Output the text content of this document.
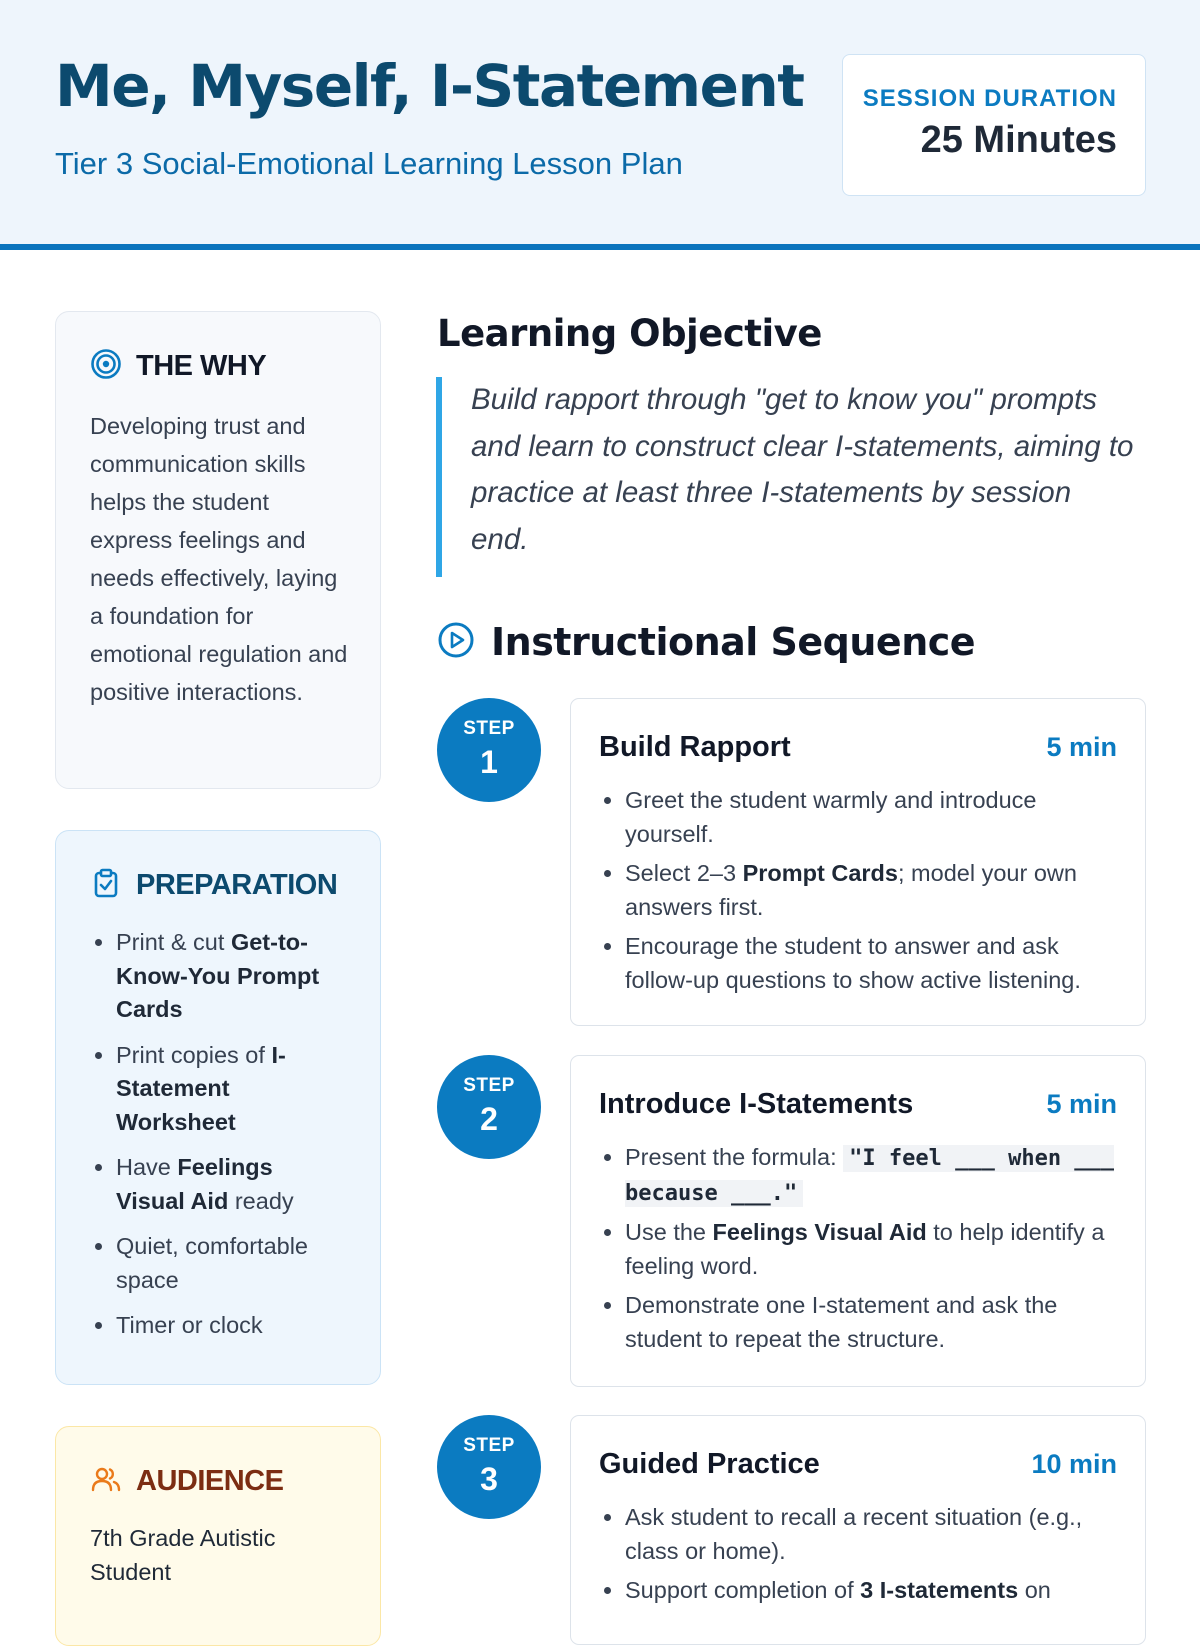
Me, Myself, I-Statement
Tier 3 Social-Emotional Learning Lesson Plan
SESSION DURATION
25 Minutes
THE WHY
Developing trust and communication skills helps the student express feelings and needs effectively, laying a foundation for emotional regulation and positive interactions.
PREPARATION
• Print & cut Get-to-Know-You Prompt Cards
• Print copies of I-Statement Worksheet
• Have Feelings Visual Aid ready
• Quiet, comfortable space
• Timer or clock
AUDIENCE
7th Grade Autistic Student
Learning Objective
Build rapport through "get to know you" prompts and learn to construct clear I-statements, aiming to practice at least three I-statements by session end.
Instructional Sequence
STEP
1	Build Rapport	5 min
• Greet the student warmly and introduce yourself.
• Select 2–3 Prompt Cards; model your own answers first.
• Encourage the student to answer and ask follow-up questions to show active listening.
STEP
2	Introduce I-Statements	5 min
• Present the formula: "I feel ___ when ___ because ___."
• Use the Feelings Visual Aid to help identify a feeling word.
• Demonstrate one I-statement and ask the student to repeat the structure.
STEP
3	Guided Practice	10 min
• Ask student to recall a recent situation (e.g., class or home).
• Support completion of 3 I-statements on
